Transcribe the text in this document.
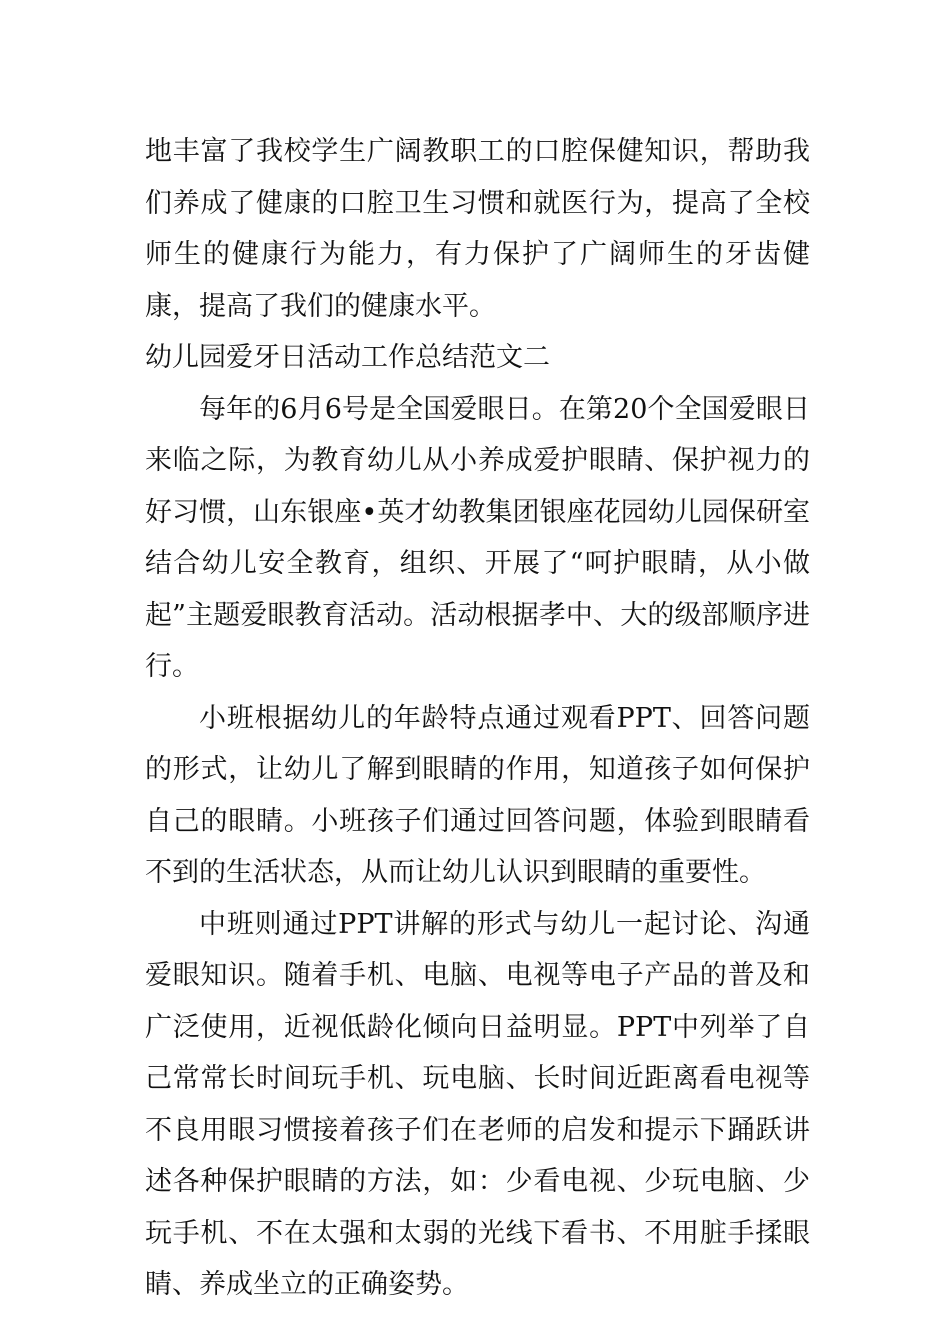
地丰富了我校学生广阔教职工的口腔保健知识，帮助我们养成了健康的口腔卫生习惯和就医行为，提高了全校师生的健康行为能力，有力保护了广阔师生的牙齿健康，提高了我们的健康水平。

幼儿园爱牙日活动工作总结范文二

每年的6月6号是全国爱眼日。在第20个全国爱眼日来临之际，为教育幼儿从小养成爱护眼睛、保护视力的好习惯，山东银座•英才幼教集团银座花园幼儿园保研室结合幼儿安全教育，组织、开展了“呵护眼睛，从小做起”主题爱眼教育活动。活动根据孝中、大的级部顺序进行。

小班根据幼儿的年龄特点通过观看PPT、回答问题的形式，让幼儿了解到眼睛的作用，知道孩子如何保护自己的眼睛。小班孩子们通过回答问题，体验到眼睛看不到的生活状态，从而让幼儿认识到眼睛的重要性。

中班则通过PPT讲解的形式与幼儿一起讨论、沟通爱眼知识。随着手机、电脑、电视等电子产品的普及和广泛使用，近视低龄化倾向日益明显。PPT中列举了自己常常长时间玩手机、玩电脑、长时间近距离看电视等不良用眼习惯接着孩子们在老师的启发和提示下踊跃讲述各种保护眼睛的方法，如：少看电视、少玩电脑、少玩手机、不在太强和太弱的光线下看书、不用脏手揉眼睛、养成坐立的正确姿势。
